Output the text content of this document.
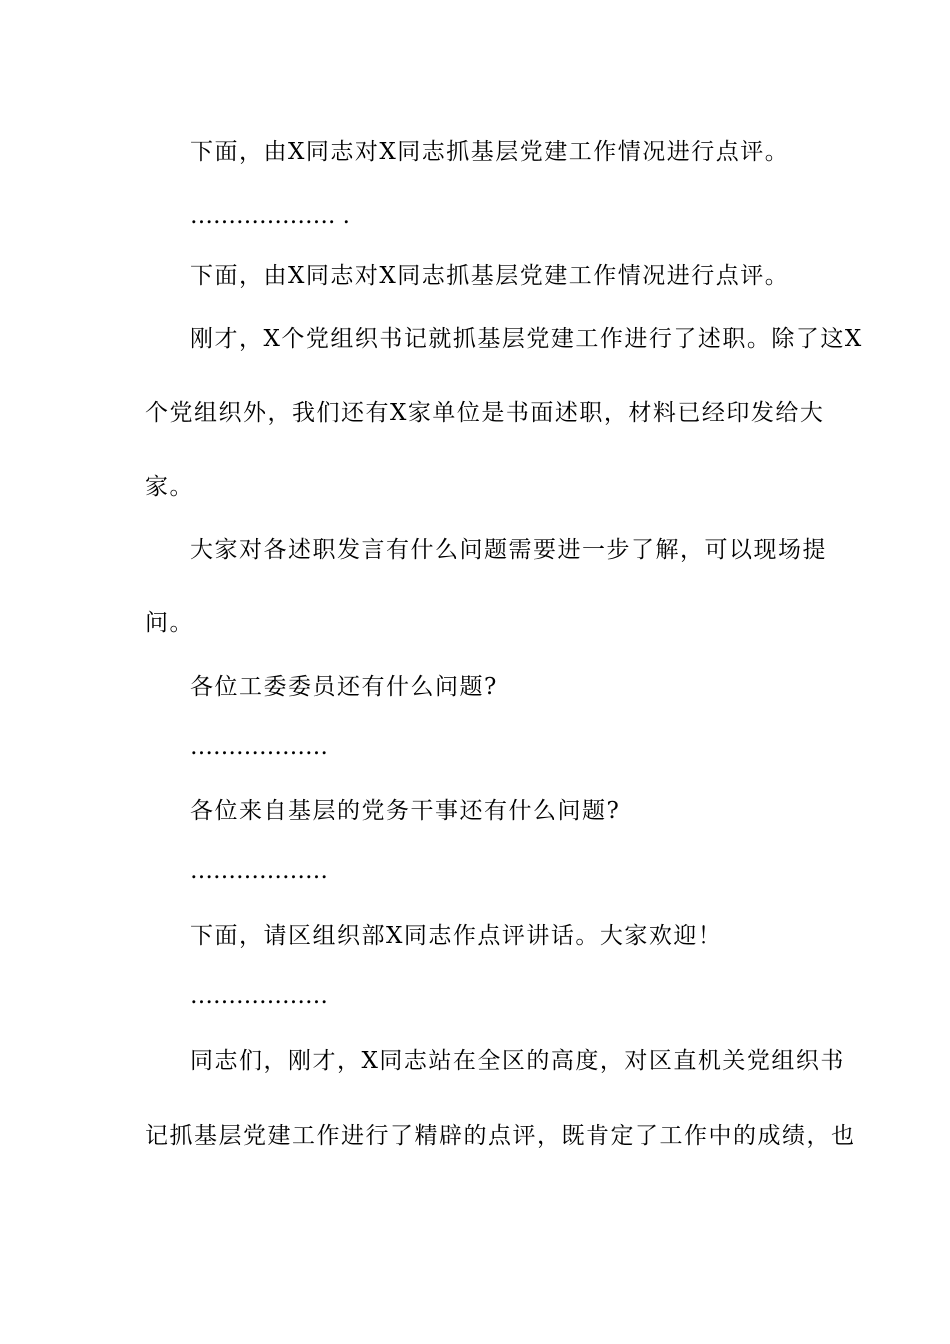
下面，由X同志对X同志抓基层党建工作情况进行点评。
………………. .
下面，由X同志对X同志抓基层党建工作情况进行点评。
刚才，X个党组织书记就抓基层党建工作进行了述职。除了这X
个党组织外，我们还有X家单位是书面述职，材料已经印发给大
家。
大家对各述职发言有什么问题需要进一步了解，可以现场提
问。
各位工委委员还有什么问题?
………………
各位来自基层的党务干事还有什么问题?
………………
下面，请区组织部X同志作点评讲话。大家欢迎！
………………
同志们，刚才，X同志站在全区的高度，对区直机关党组织书
记抓基层党建工作进行了精辟的点评，既肯定了工作中的成绩，也
